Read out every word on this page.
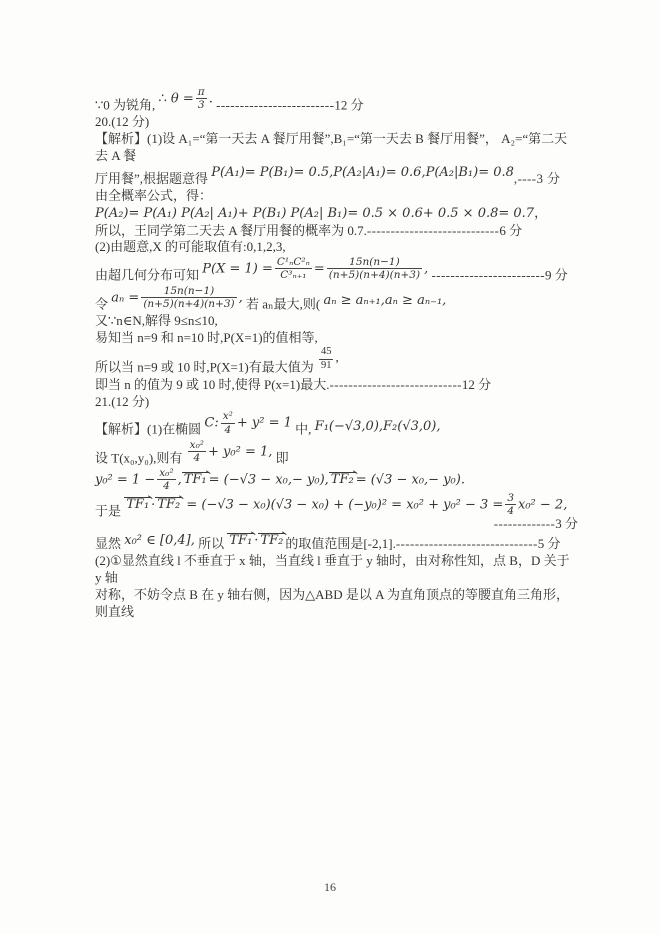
∵0 为锐角, ∴ $\theta = \frac{\pi}{3}$ . -------------------------12 分

20.(12 分)

【解析】(1)设 A₁=“第一天去 A 餐厅用餐”,B₁=“第一天去 B 餐厅用餐”， A₂=“第二天去 A 餐

厅用餐”,根据题意得 P(A₁)= P(B₁)= 0.5,P(A₂|A₁)= 0.6,P(A₂|B₁)= 0.8,----3 分

由全概率公式，得：

P(A₂)= P(A₁) P(A₂| A₁)+ P(B₁) P(A₂| B₁)= 0.5 × 0.6+ 0.5 × 0.8= 0.7，

所以，王同学第二天去 A 餐厅用餐的概率为 0.7.----------------------------6 分

(2)由题意,X 的可能取值有:0,1,2,3,

由超几何分布可知 $P(X = 1) = \frac{\text{C¹ₙC²ₙ}}{\text{C³ₙ₊₁}} = \frac{15n(n-1)}{(n+5)(n+4)(n+3)}$ , ------------------------9 分

令 $a_n = \frac{15n(n-1)}{(n+5)(n+4)(n+3)}$ , 若 aₙ最大,则( aₙ ≥ aₙ₊₁,aₙ ≥ aₙ₋₁,

又∵n∈N,解得 9≤n≤10,

易知当 n=9 和 n=10 时,P(X=1)的值相等,

所以当 n=9 或 10 时,P(X=1)有最大值为 $\frac{45}{91}$ ,

即当 n 的值为 9 或 10 时,使得 P(x=1)最大.----------------------------12 分

21.(12 分)

【解析】(1)在椭圆 C: $\frac{\text{x²}}{4} + y^2 = 1$ 中, F₁(−√3,0),F₂(√3,0),

设 T(x₀,y₀),则有 $\frac{\text{x₀²}}{4} + y_0^2 = 1$, 即 $y_0^2 = 1 - \frac{\text{x₀²}}{4}$ , TF₁ = (−√3 − x₀,− y₀), TF₂ = (√3 − x₀,− y₀).

于是 $TF_1 \cdot TF_2 = (-√3 - x_0)(√3 - x_0) + (-y_0)^2 = x_0^2 + y_0^2 - 3 = \frac{3}{4} x_0^2 - 2$,
-------------3 分

显然 x₀² ∈ [0,4], 所以 TF₁ · TF₂ 的取值范围是[-2,1].------------------------------5 分

(2)①显然直线 l 不垂直于 x 轴，当直线 l 垂直于 y 轴时，由对称性知，点 B，D 关于 y 轴

对称，不妨令点 B 在 y 轴右侧，因为△ABD 是以 A 为直角顶点的等腰直角三角形，则直线

16
